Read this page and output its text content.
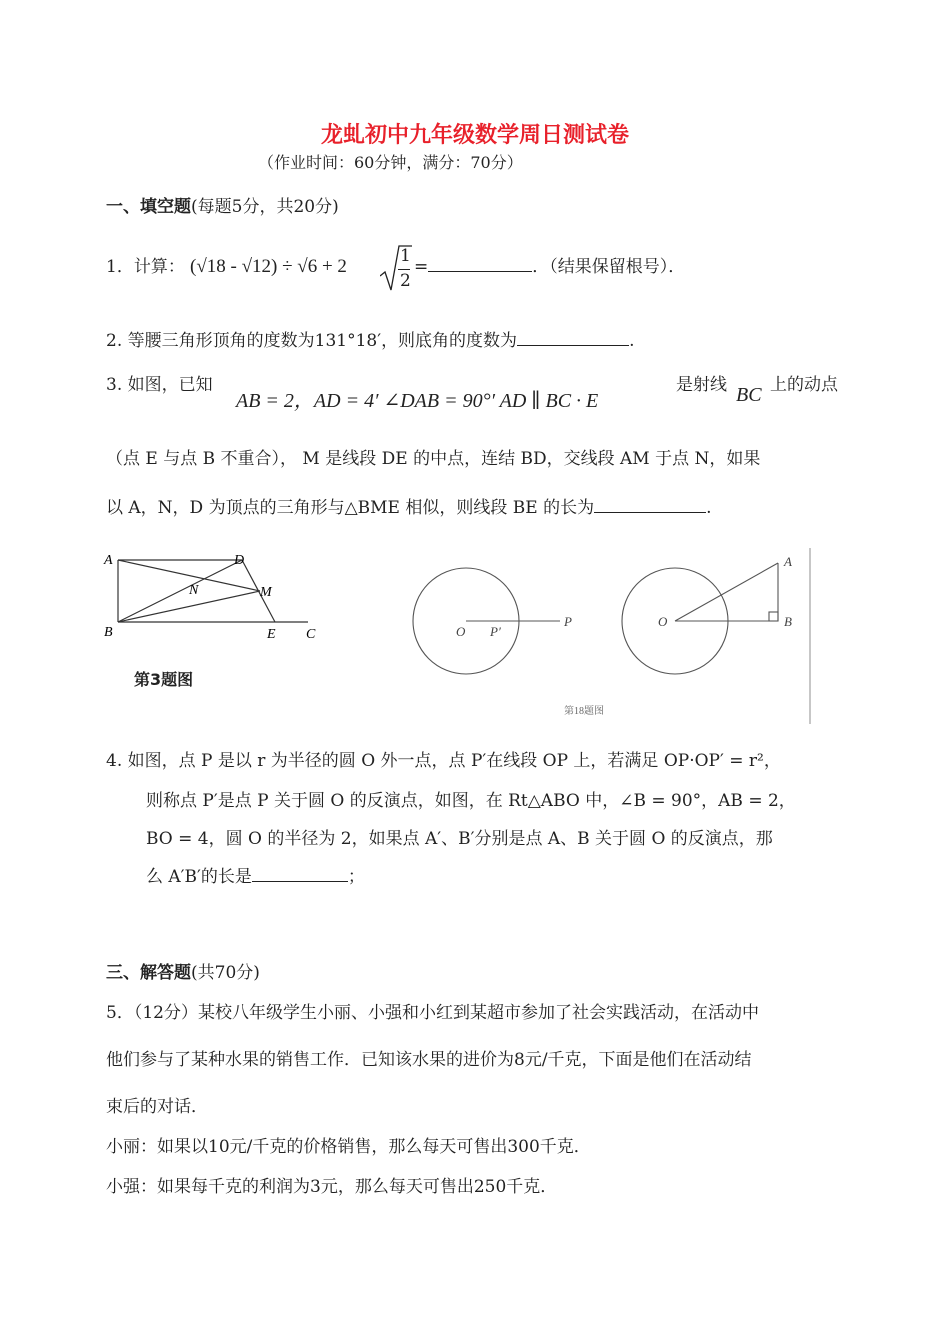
龙虬初中九年级数学周日测试卷
（作业时间：60分钟，满分：70分）
一、填空题(每题5分，共20分)
1．计算： (√18 - √12) ÷ √6 + 2	1
2
=	．（结果保留根号）．
2. 等腰三角形顶角的度数为131°18′，则底角的度数为	.
3. 如图，已知
AB = 2，AD = 4′ ∠DAB = 90°′ AD ∥ BC · E
是射线 BC 上的动点
（点 E 与点 B 不重合）， M 是线段 DE 的中点，连结 BD，交线段 AM 于点 N，如果
以 A，N，D 为顶点的三角形与△BME 相似，则线段 BE 的长为	.
A	D
N	M
B	E C
第3题图
O P′
P	O
A
B
第18题图
4. 如图，点 P 是以 r 为半径的圆 O 外一点，点 P′在线段 OP 上，若满足 OP·OP′ = r²，
则称点 P′是点 P 关于圆 O 的反演点，如图，在 Rt△ABO 中，∠B = 90°，AB = 2，
BO = 4，圆 O 的半径为 2，如果点 A′、B′分别是点 A、B 关于圆 O 的反演点，那
么 A′B′的长是	；
三、解答题(共70分)
5．（12分）某校八年级学生小丽、小强和小红到某超市参加了社会实践活动，在活动中
他们参与了某种水果的销售工作．已知该水果的进价为8元/千克，下面是他们在活动结
束后的对话．
小丽：如果以10元/千克的价格销售，那么每天可售出300千克．
小强：如果每千克的利润为3元，那么每天可售出250千克．
